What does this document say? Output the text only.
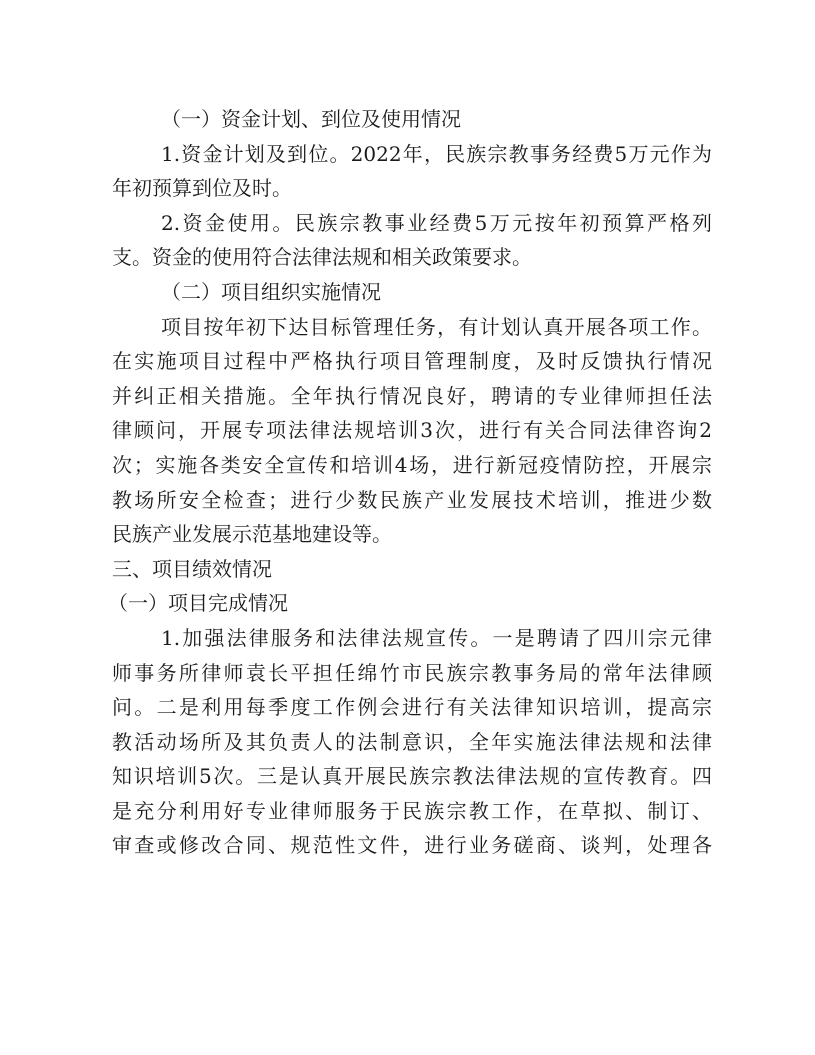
（一）资金计划、到位及使用情况
1.资金计划及到位。2022年，民族宗教事务经费5万元作为
年初预算到位及时。
2.资金使用。民族宗教事业经费5万元按年初预算严格列
支。资金的使用符合法律法规和相关政策要求。
（二）项目组织实施情况
项目按年初下达目标管理任务，有计划认真开展各项工作。
在实施项目过程中严格执行项目管理制度，及时反馈执行情况
并纠正相关措施。全年执行情况良好，聘请的专业律师担任法
律顾问，开展专项法律法规培训3次，进行有关合同法律咨询2
次；实施各类安全宣传和培训4场，进行新冠疫情防控，开展宗
教场所安全检查；进行少数民族产业发展技术培训，推进少数
民族产业发展示范基地建设等。
三、项目绩效情况
（一）项目完成情况
1.加强法律服务和法律法规宣传。一是聘请了四川宗元律
师事务所律师袁长平担任绵竹市民族宗教事务局的常年法律顾
问。二是利用每季度工作例会进行有关法律知识培训，提高宗
教活动场所及其负责人的法制意识，全年实施法律法规和法律
知识培训5次。三是认真开展民族宗教法律法规的宣传教育。四
是充分利用好专业律师服务于民族宗教工作，在草拟、制订、
审查或修改合同、规范性文件，进行业务磋商、谈判，处理各
